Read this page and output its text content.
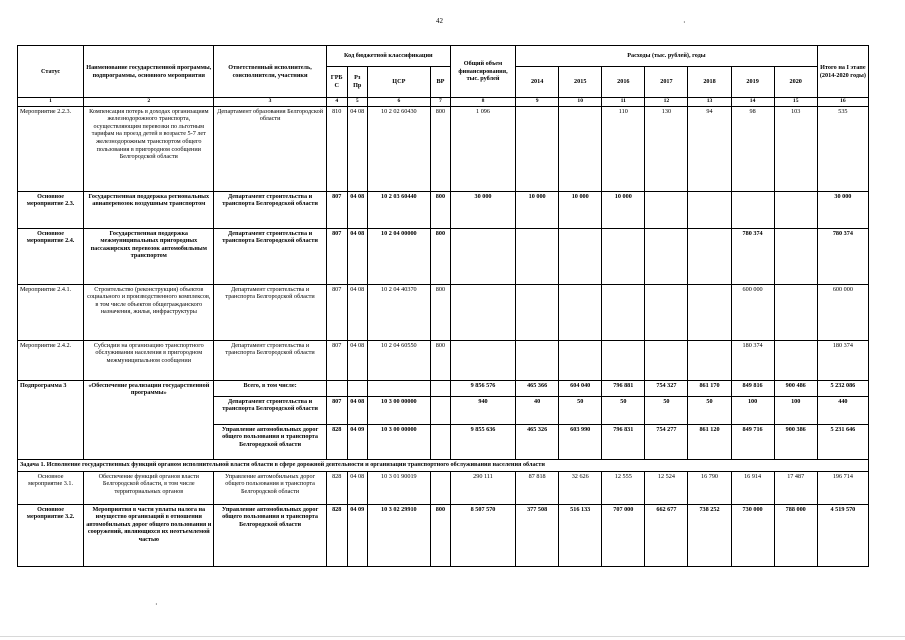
42	·
·
Статус	Наименование государственной программы, подпрограммы, основного мероприятия	Ответственный исполнитель, соисполнители, участники	Код бюджетной классификации				Общий объем финансирования, тыс. рублей	Расходы (тыс. рублей), годы							Итого на I этапе (2014-2020 годы)
			ГРБС	Рз Пр	ЦСР	ВР		2014	2015	2016	2017	2018	2019	2020	
1	2	3	4	5	6	7	8	9	10	11	12	13	14	15	16
Мероприятие 2.2.3.	Компенсация потерь в доходах организациям железнодорожного транспорта, осуществляющим перевозки по льготным тарифам на проезд детей в возрасте 5-7 лет железнодорожным транспортом общего пользования в пригородном сообщении Белгородской области	Департамент образования Белгородской области	810	04 08	10 2 02 60430	800	1 096			110	130	94	98	103	535
Основное мероприятие 2.3.	Государственная поддержка региональных авиаперевозок воздушным транспортом	Департамент строительства и транспорта Белгородской области	807	04 08	10 2 03 60440	800	30 000	10 000	10 000	10 000					30 000
Основное мероприятие 2.4.	Государственная поддержка межмуниципальных пригородных пассажирских перевозок автомобильным транспортом	Департамент строительства и транспорта Белгородской области	807	04 08	10 2 04 00000	800							780 374		780 374
Мероприятие 2.4.1.	Строительство (реконструкция) объектов социального и производственного комплексов, в том числе объектов общегражданского назначения, жилья, инфраструктуры	Департамент строительства и транспорта Белгородской области	807	04 08	10 2 04 40370	800							600 000		600 000
Мероприятие 2.4.2.	Субсидии на организацию транспортного обслуживания населения в пригородном межмуниципальном сообщении	Департамент строительства и транспорта Белгородской области	807	04 08	10 2 04 60550	800							180 374		180 374
Подпрограмма 3	«Обеспечение реализации государственной программы»	Всего, в том числе:					9 856 576	465 366	604 040	796 881	754 327	861 170	849 816	900 486	5 232 086
		Департамент строительства и транспорта Белгородской области	807	04 08	10 3 00 00000		940	40	50	50	50	50	100	100	440
		Управление автомобильных дорог общего пользования и транспорта Белгородской области	828	04 09	10 3 00 00000		9 855 636	465 326	603 990	796 831	754 277	861 120	849 716	900 386	5 231 646
Задача 1. Исполнение государственных функций органом исполнительной власти области в сфере дорожной деятельности и организации транспортного обслуживания населения области															
Основное мероприятие 3.1.	Обеспечение функций органов власти Белгородской области, в том числе территориальных органов	Управление автомобильных дорог общего пользования и транспорта Белгородской области	828	04 08	10 3 01 90019		290 111	87 818	32 626	12 555	12 524	16 790	16 914	17 487	196 714
Основное мероприятие 3.2.	Мероприятия в части уплаты налога на имущество организаций в отношении автомобильных дорог общего пользования и сооружений, являющихся их неотъемлемой частью	Управление автомобильных дорог общего пользования и транспорта Белгородской области	828	04 09	10 3 02 29910	800	8 507 570	377 508	516 133	707 000	662 677	738 252	730 000	788 000	4 519 570
